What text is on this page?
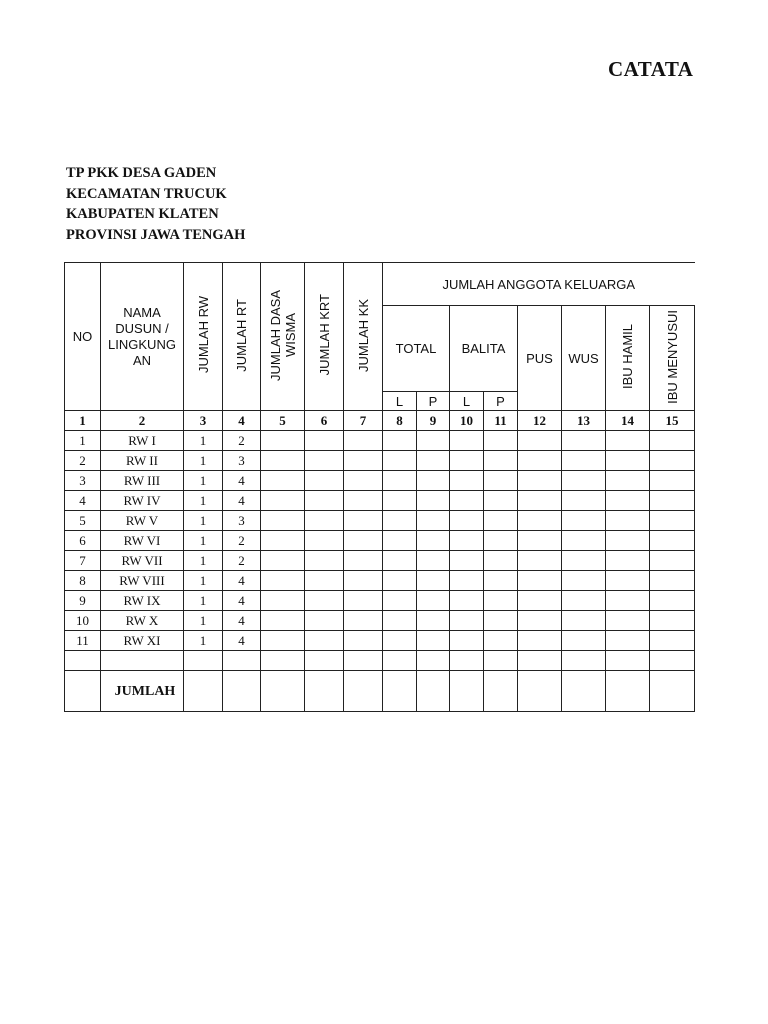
CATATA
TP PKK DESA GADEN
KECAMATAN TRUCUK
KABUPATEN KLATEN
PROVINSI JAWA TENGAH
NO	NAMA DUSUN / LINGKUNG AN	JUMLAH RW	JUMLAH RT	JUMLAH DASA WISMA	JUMLAH KRT	JUMLAH KK	JUMLAH ANGGOTA KELUARGA							
							TOTAL		BALITA		PUS	WUS	IBU HAMIL	IBU MENYUSUI
							L	P	L	P				
1	2	3	4	5	6	7	8	9	10	11	12	13	14	15
1	RW I	1	2											
2	RW II	1	3											
3	RW III	1	4											
4	RW IV	1	4											
5	RW V	1	3											
6	RW VI	1	2											
7	RW VII	1	2											
8	RW VIII	1	4											
9	RW IX	1	4											
10	RW X	1	4											
11	RW XI	1	4											

	JUMLAH													
